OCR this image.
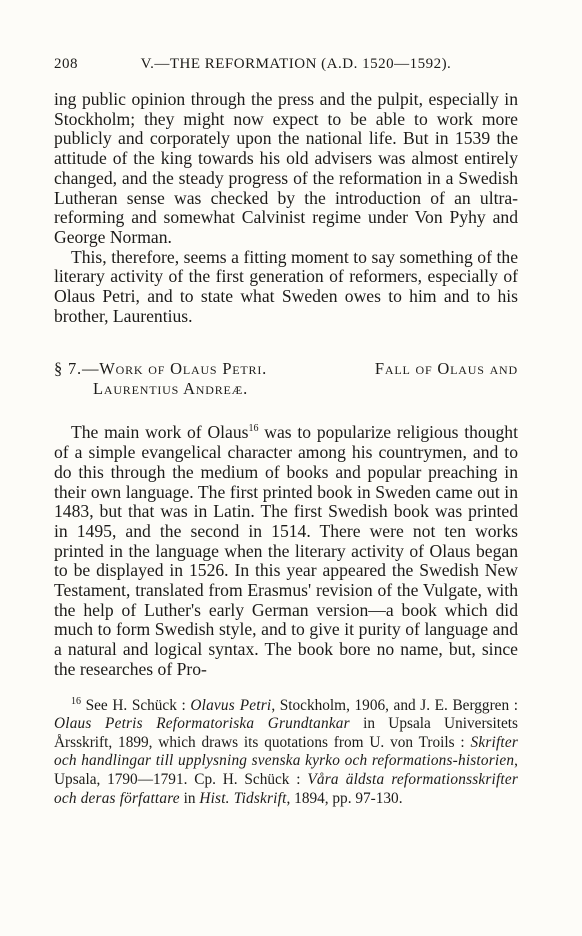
208	V.—THE REFORMATION (A.D. 1520—1592).

ing public opinion through the press and the pulpit, especially in Stockholm; they might now expect to be able to work more publicly and corporately upon the national life. But in 1539 the attitude of the king towards his old advisers was almost entirely changed, and the steady progress of the reformation in a Swedish Lutheran sense was checked by the introduction of an ultra-reforming and somewhat Calvinist regime under Von Pyhy and George Norman.

This, therefore, seems a fitting moment to say something of the literary activity of the first generation of reformers, especially of Olaus Petri, and to state what Sweden owes to him and to his brother, Laurentius.

§ 7.—Work of Olaus Petri.	Fall of Olaus and
Laurentius Andreæ.

The main work of Olaus$^{16}$ was to popularize religious thought of a simple evangelical character among his countrymen, and to do this through the medium of books and popular preaching in their own language. The first printed book in Sweden came out in 1483, but that was in Latin. The first Swedish book was printed in 1495, and the second in 1514. There were not ten works printed in the language when the literary activity of Olaus began to be displayed in 1526. In this year appeared the Swedish New Testament, translated from Erasmus' revision of the Vulgate, with the help of Luther's early German version—a book which did much to form Swedish style, and to give it purity of language and a natural and logical syntax. The book bore no name, but, since the researches of Pro-

$^{16}$ See H. Schück : Olavus Petri, Stockholm, 1906, and J. E. Berggren : Olaus Petris Reformatoriska Grundtankar in Upsala Universitets Årsskrift, 1899, which draws its quotations from U. von Troils : Skrifter och handlingar till upplysning svenska kyrko och reformations-historien, Upsala, 1790—1791. Cp. H. Schück : Våra äldsta reformationsskrifter och deras författare in Hist. Tidskrift, 1894, pp. 97-130.
